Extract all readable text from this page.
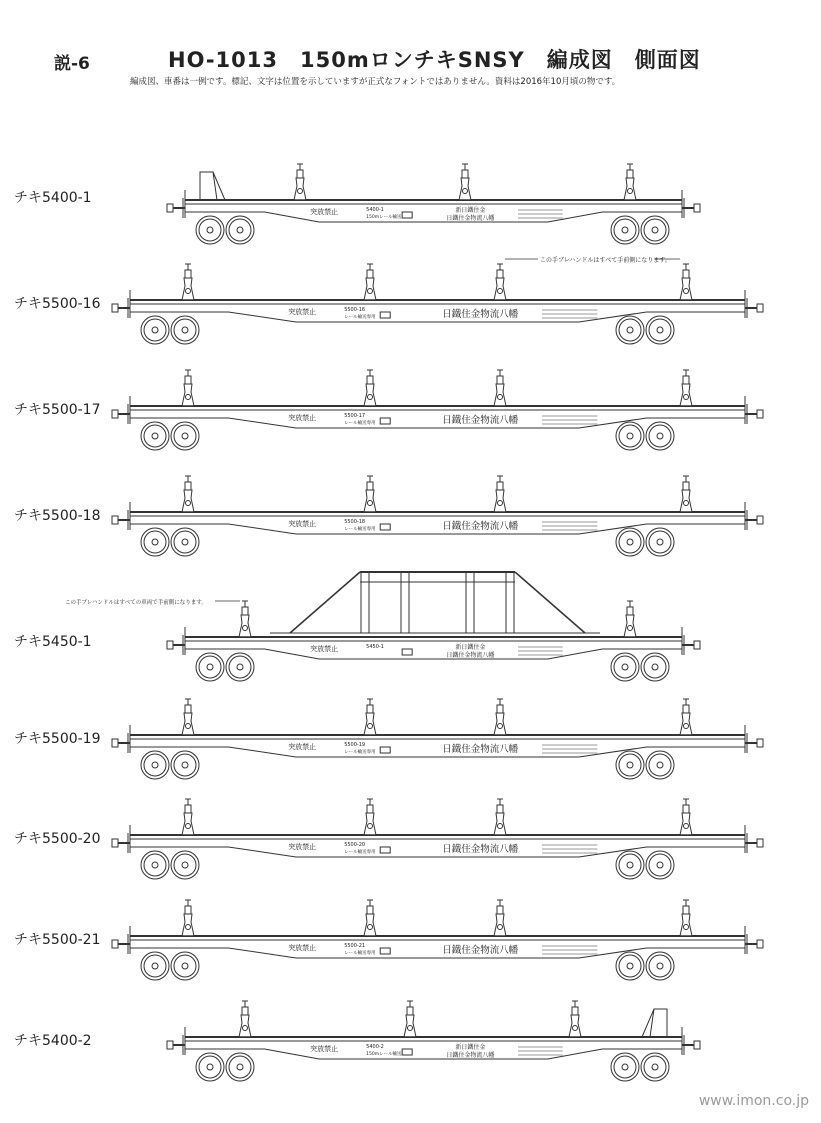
説-6	HO-1013　150mロンチキSNSY　編成図　側面図
編成図、車番は一例です。標記、文字は位置を示していますが正式なフォントではありません。資料は2016年10月頃の物です。
チキ5400-1
チキ5500-16
チキ5500-17
チキ5500-18
チキ5450-1
チキ5500-19
チキ5500-20
チキ5500-21
チキ5400-2
突放禁止	5400-1
150mレール輸送
新日鐵住金
日鐵住金物流八幡
突放禁止	5500-16
レール輸送専用	日鐵住金物流八幡
突放禁止	5500-17
レール輸送専用	日鐵住金物流八幡
突放禁止	5500-18
レール輸送専用	日鐵住金物流八幡
突放禁止	5450-1	新日鐵住金
日鐵住金物流八幡
突放禁止	5500-19
レール輸送専用	日鐵住金物流八幡
突放禁止	5500-20
レール輸送専用	日鐵住金物流八幡
突放禁止	5500-21
レール輸送専用	日鐵住金物流八幡
突放禁止	5400-2
150mレール輸送
新日鐵住金
日鐵住金物流八幡
この手ブレハンドルはすべて手前側になります。
この手ブレハンドルはすべての車両で手前側になります。
www.imon.co.jp
